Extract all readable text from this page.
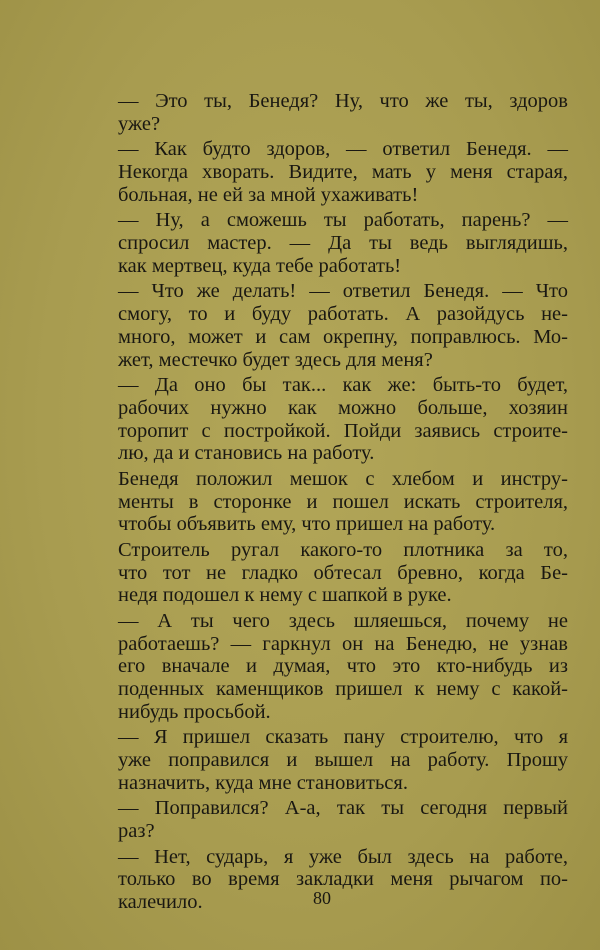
— Это ты, Бенедя? Ну, что же ты, здоров
уже?
— Как будто здоров, — ответил Бенедя. —
Некогда хворать. Видите, мать у меня старая,
больная, не ей за мной ухаживать!
— Ну, а сможешь ты работать, парень? —
спросил мастер. — Да ты ведь выглядишь,
как мертвец, куда тебе работать!
— Что же делать! — ответил Бенедя. — Что
смогу, то и буду работать. А разойдусь не-
много, может и сам окрепну, поправлюсь. Мо-
жет, местечко будет здесь для меня?
— Да оно бы так... как же: быть-то будет,
рабочих нужно как можно больше, хозяин
торопит с постройкой. Пойди заявись строите-
лю, да и становись на работу.
Бенедя положил мешок с хлебом и инстру-
менты в сторонке и пошел искать строителя,
чтобы объявить ему, что пришел на работу.
Строитель ругал какого-то плотника за то,
что тот не гладко обтесал бревно, когда Бе-
недя подошел к нему с шапкой в руке.
— А ты чего здесь шляешься, почему не
работаешь? — гаркнул он на Бенедю, не узнав
его вначале и думая, что это кто-нибудь из
поденных каменщиков пришел к нему с какой-
нибудь просьбой.
— Я пришел сказать пану строителю, что я
уже поправился и вышел на работу. Прошу
назначить, куда мне становиться.
— Поправился? А-а, так ты сегодня первый
раз?
— Нет, сударь, я уже был здесь на работе,
только во время закладки меня рычагом по-
калечило.	80
